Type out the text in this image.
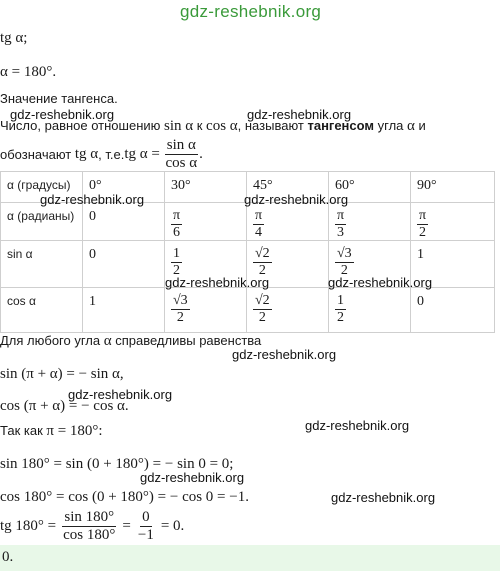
gdz-reshebnik.org
tg α;
α = 180°.
Значение тангенса.
gdz-reshebnik.org	gdz-reshebnik.org
Число, равное отношению sin α к cos α, называют тангенсом угла α и
обозначают
tg α , т.е. tg α =
$\frac{\text{sin α}}{\text{cos α}}$ .
α (градусы)	0°	30°	45°	60°	90°

α (радианы)	0	$\frac{\pi}{6}$	$\frac{\pi}{4}$	$\frac{\pi}{3}$	$\frac{\pi}{2}$

sin α	0	$\frac{1}{2}$	$\frac{√2}{2}$	$\frac{√3}{2}$	1

cos α	1	$\frac{√3}{2}$	$\frac{√2}{2}$	$\frac{1}{2}$	0
gdz-reshebnik.org	gdz-reshebnik.org
gdz-reshebnik.org	gdz-reshebnik.org
Для любого угла α справедливы равенства
gdz-reshebnik.org
sin (π + α) = − sin α,
gdz-reshebnik.org
cos (π + α) = − cos α.
Так как π = 180°:	gdz-reshebnik.org
sin 180° = sin (0 + 180°) = − sin 0 = 0;
gdz-reshebnik.org
cos 180° = cos (0 + 180°) = − cos 0 = −1.	gdz-reshebnik.org
tg $180^\circ = \frac{\sin 180^\circ}{\cos 180^\circ} = \frac{0}{-1} = 0$.
0.
